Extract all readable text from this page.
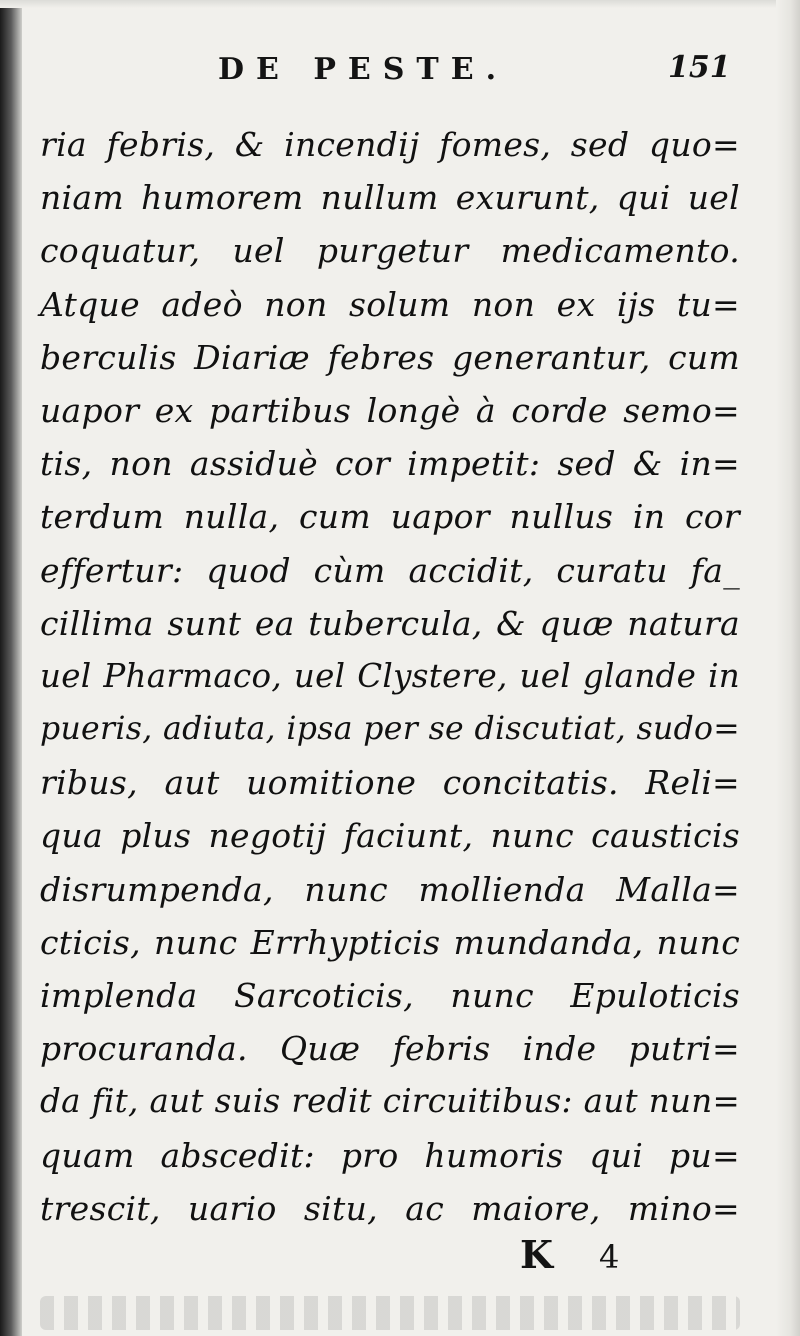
DE PESTE.	151
ria febris, & incendij fomes, sed quo=
niam humorem nullum exurunt, qui uel
coquatur, uel purgetur medicamento.
Atque adeò non solum non ex ijs tu=
berculis Diariæ febres generantur, cum
uapor ex partibus longè à corde semo=
tis, non assiduè cor impetit: sed & in=
terdum nulla, cum uapor nullus in cor
effertur: quod cùm accidit, curatu fa_
cillima sunt ea tubercula, & quæ natura
uel Pharmaco, uel Clystere, uel glande in
pueris, adiuta, ipsa per se discutiat, sudo=
ribus, aut uomitione concitatis. Reli=
qua plus negotij faciunt, nunc causticis
disrumpenda, nunc mollienda Malla=
cticis, nunc Errhypticis mundanda, nunc
implenda Sarcoticis, nunc Epuloticis
procuranda. Quæ febris inde putri=
da fit, aut suis redit circuitibus: aut nun=
quam abscedit: pro humoris qui pu=
trescit, uario situ, ac maiore, mino=
K 4
